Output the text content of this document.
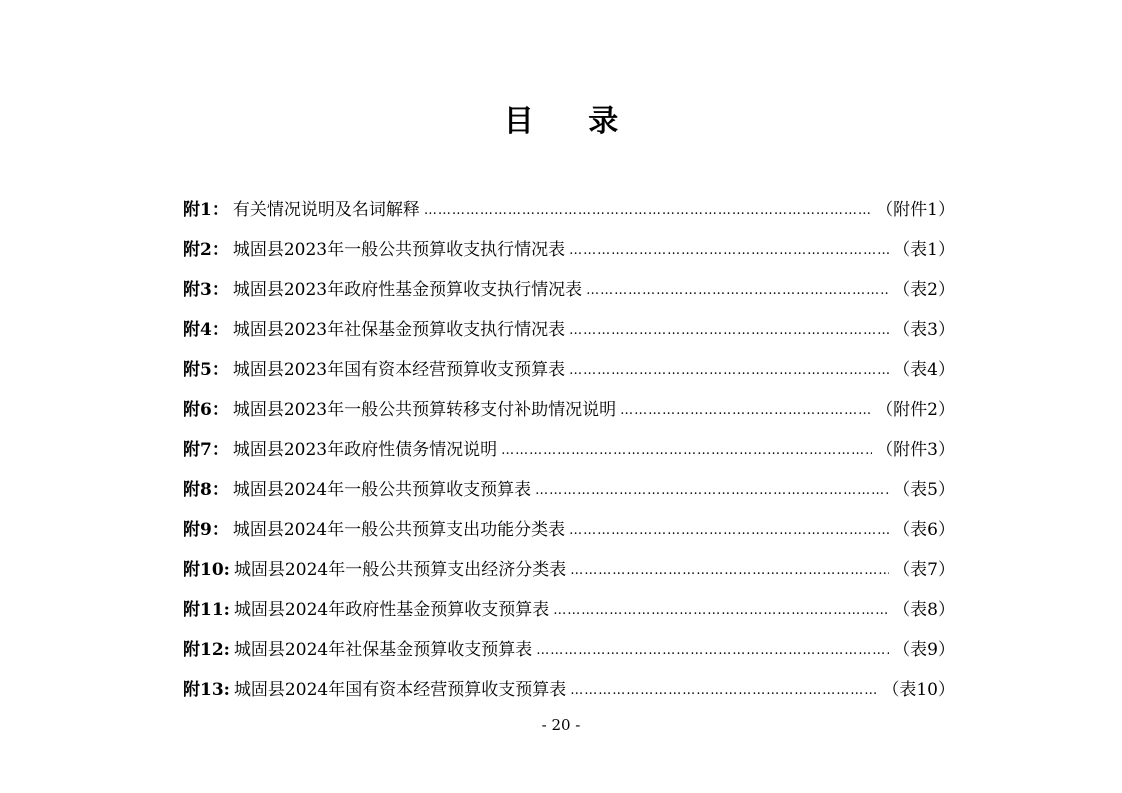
目 录
附1： 有关情况说明及名词解释 ……………………………………………………………………………………………………………………………………………………	（附件1）
附2： 城固县2023年一般公共预算收支执行情况表 ……………………………………………………………………………………………………………………………………………………	（表1）
附3： 城固县2023年政府性基金预算收支执行情况表 ……………………………………………………………………………………………………………………………………………………	（表2）
附4： 城固县2023年社保基金预算收支执行情况表 ……………………………………………………………………………………………………………………………………………………	（表3）
附5： 城固县2023年国有资本经营预算收支预算表 ……………………………………………………………………………………………………………………………………………………	（表4）
附6： 城固县2023年一般公共预算转移支付补助情况说明 ……………………………………………………………………………………………………………………………………………………	（附件2）
附7： 城固县2023年政府性债务情况说明 ……………………………………………………………………………………………………………………………………………………	（附件3）
附8： 城固县2024年一般公共预算收支预算表 ……………………………………………………………………………………………………………………………………………………	（表5）
附9： 城固县2024年一般公共预算支出功能分类表 ……………………………………………………………………………………………………………………………………………………	（表6）
附10: 城固县2024年一般公共预算支出经济分类表 ……………………………………………………………………………………………………………………………………………………	（表7）
附11: 城固县2024年政府性基金预算收支预算表 ……………………………………………………………………………………………………………………………………………………	（表8）
附12: 城固县2024年社保基金预算收支预算表 ……………………………………………………………………………………………………………………………………………………	（表9）
附13: 城固县2024年国有资本经营预算收支预算表 ……………………………………………………………………………………………………………………………………………………	（表10）
- 20 -
